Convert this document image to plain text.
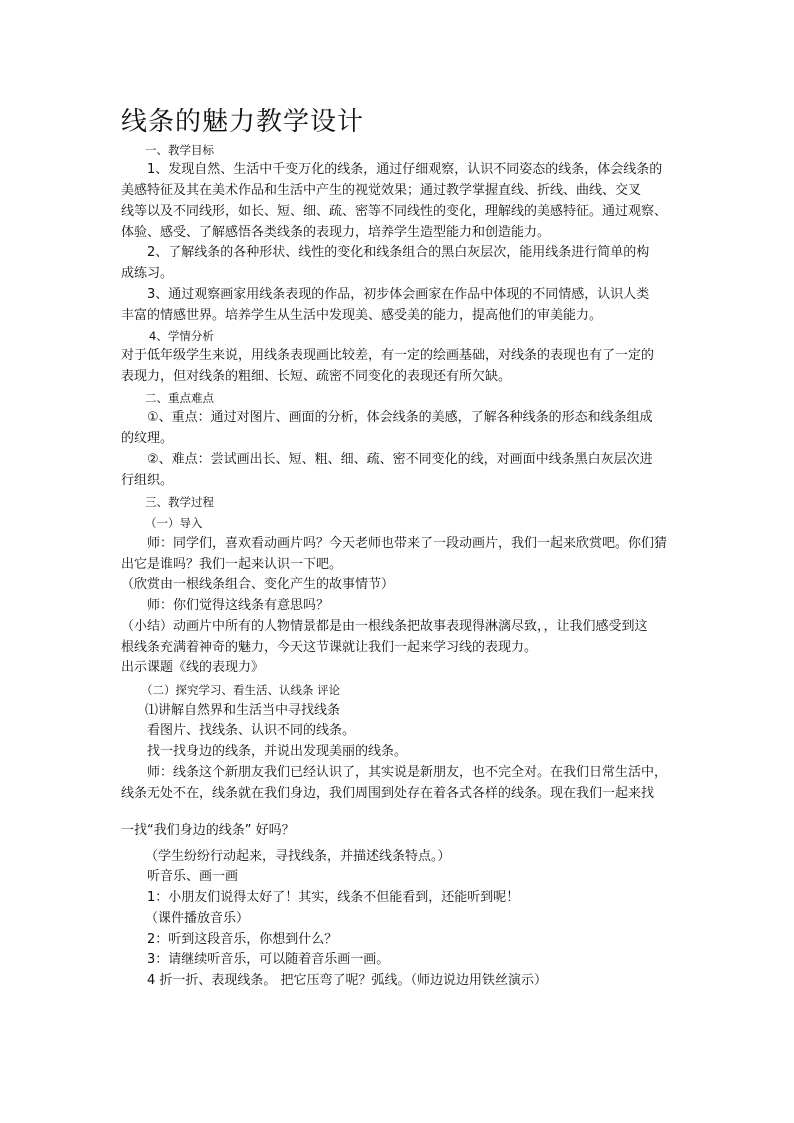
线条的魅力教学设计
一、教学目标
1、发现自然、生活中千变万化的线条，通过仔细观察，认识不同姿态的线条，体会线条的
美感特征及其在美术作品和生活中产生的视觉效果；通过教学掌握直线、折线、曲线、交叉
线等以及不同线形，如长、短、细、疏、密等不同线性的变化，理解线的美感特征。通过观察、
体验、感受、了解感悟各类线条的表现力，培养学生造型能力和创造能力。
2、了解线条的各种形状、线性的变化和线条组合的黑白灰层次，能用线条进行简单的构
成练习。
3、通过观察画家用线条表现的作品，初步体会画家在作品中体现的不同情感，认识人类
丰富的情感世界。培养学生从生活中发现美、感受美的能力，提高他们的审美能力。
4、学情分析
对于低年级学生来说，用线条表现画比较差，有一定的绘画基础，对线条的表现也有了一定的
表现力，但对线条的粗细、长短、疏密不同变化的表现还有所欠缺。
二、重点难点
①、重点：通过对图片、画面的分析，体会线条的美感，了解各种线条的形态和线条组成
的纹理。
②、难点：尝试画出长、短、粗、细、疏、密不同变化的线，对画面中线条黑白灰层次进
行组织。
三、教学过程
（一）导入
师：同学们，喜欢看动画片吗？今天老师也带来了一段动画片，我们一起来欣赏吧。你们猜
出它是谁吗？我们一起来认识一下吧。
（欣赏由一根线条组合、变化产生的故事情节）
师：你们觉得这线条有意思吗？
（小结）动画片中所有的人物情景都是由一根线条把故事表现得淋漓尽致，，让我们感受到这
根线条充满着神奇的魅力，今天这节课就让我们一起来学习线的表现力。
出示课题《线的表现力》
（二）探究学习、看生活、认线条 评论
⑴讲解自然界和生活当中寻找线条
看图片、找线条、认识不同的线条。
找一找身边的线条，并说出发现美丽的线条。
师：线条这个新朋友我们已经认识了，其实说是新朋友，也不完全对。在我们日常生活中，
线条无处不在，线条就在我们身边，我们周围到处存在着各式各样的线条。现在我们一起来找
一找“我们身边的线条” 好吗？
（学生纷纷行动起来，寻找线条，并描述线条特点。）
听音乐、画一画
1：小朋友们说得太好了！其实，线条不但能看到，还能听到呢！
（课件播放音乐）
2：听到这段音乐，你想到什么？
3：请继续听音乐，可以随着音乐画一画。
4 折一折、表现线条。 把它压弯了呢？弧线。（师边说边用铁丝演示）
